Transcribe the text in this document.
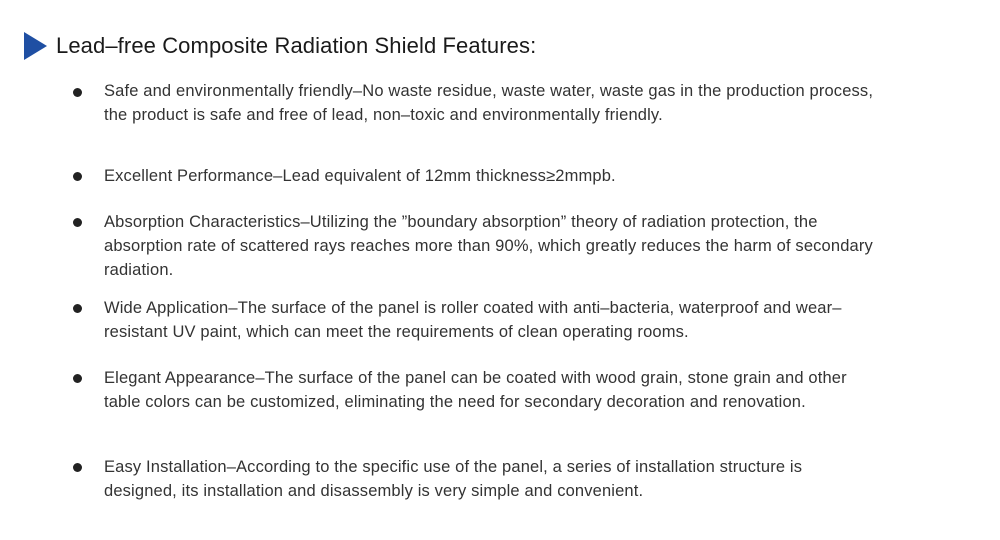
Lead–free Composite Radiation Shield Features:
Safe and environmentally friendly–No waste residue, waste water, waste gas in the production process, the product is safe and free of lead, non–toxic and environmentally friendly.
Excellent Performance–Lead equivalent of 12mm thickness≥2mmpb.
Absorption Characteristics–Utilizing the ”boundary absorption” theory of radiation protection, the absorption rate of scattered rays reaches more than 90%, which greatly reduces the harm of secondary radiation.
Wide Application–The surface of the panel is roller coated with anti–bacteria, waterproof and wear–resistant UV paint, which can meet the requirements of clean operating rooms.
Elegant Appearance–The surface of the panel can be coated with wood grain, stone grain and other table colors can be customized, eliminating the need for secondary decoration and renovation.
Easy Installation–According to the specific use of the panel, a series of installation structure is designed, its installation and disassembly is very simple and convenient.
